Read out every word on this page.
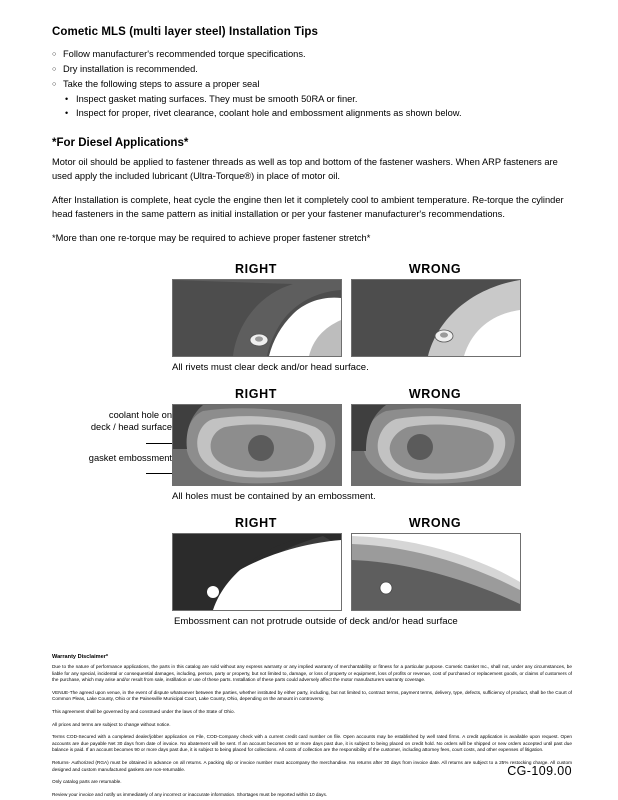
Cometic MLS (multi layer steel) Installation Tips
○ Follow manufacturer's recommended torque specifications.
○ Dry installation is recommended.
○ Take the following steps to assure a proper seal
• Inspect gasket mating surfaces. They must be smooth 50RA or finer.
• Inspect for proper, rivet clearance, coolant hole and embossment alignments as shown below.
*For Diesel Applications*

Motor oil should be applied to fastener threads as well as top and bottom of the fastener washers. When ARP fasteners are used apply the included lubricant (Ultra-Torque®) in place of motor oil.

After Installation is complete, heat cycle the engine then let it completely cool to ambient temperature. Re-torque the cylinder head fasteners in the same pattern as initial installation or per your fastener manufacturer's recommendations.

*More than one re-torque may be required to achieve proper fastener stretch*

RIGHT	WRONG
All rivets must clear deck and/or head surface.
coolant hole on
deck / head surface
gasket embossment
RIGHT	WRONG
All holes must be contained by an embossment.
RIGHT	WRONG
Embossment can not protrude outside of deck and/or head surface
Warranty Disclaimer*

Due to the nature of performance applications, the parts in this catalog are sold without any express warranty or any implied warranty of merchantability or fitness for a particular purpose. Cometic Gasket Inc., shall not, under any circumstances, be liable for any special, incidental or consequential damages, including, person, party or property, but not limited to, damage, or loss of property or equipment, loss of profits or revenue, cost of purchased or replacement goods, or claims of customers of the purchase, which may arise and/or result from sale, instillation or use of these parts. Installation of these parts could adversely affect the motor manufacturers warranty coverage.

VENUE-The agreed upon venue, in the event of dispute whatsoever between the parties, whether instituted by either party, including, but not limited to, contract terms, payment terms, delivery, type, defects, sufficiency of product, shall be the Court of Common Pleas, Lake County, Ohio or the Painesville Municipal Court, Lake County, Ohio, depending on the amount in controversy.

This agreement shall be governed by and construed under the laws of the State of Ohio.

All prices and terms are subject to change without notice.

Terms COD-Secured with a completed dealer/jobber application on File, COD-Company check with a current credit card number on file. Open accounts may be established by well rated firms. A credit application is available upon request. Open accounts are due payable Net 30 days from date of invoice. No abatement will be sent. If an account becomes 60 or more days past due, it is subject to being placed on credit hold. No orders will be shipped or new orders accepted until past due balance is paid. If an account becomes 90 or more days past due, it is subject to being placed for collections. All costs of collection are the responsibility of the customer, including attorney fees, court costs, and other expenses of litigation.

Returns- Authorized (RGA) must be obtained in advance on all returns. A packing slip or invoice number must accompany the merchandise. No returns after 30 days from invoice date. All returns are subject to a 25% restocking charge. All custom designed and custom manufactured gaskets are non-returnable.

Only catalog parts are returnable.

Review your invoice and notify us immediately of any incorrect or inaccurate information. Shortages must be reported within 10 days.

CG-109.00
